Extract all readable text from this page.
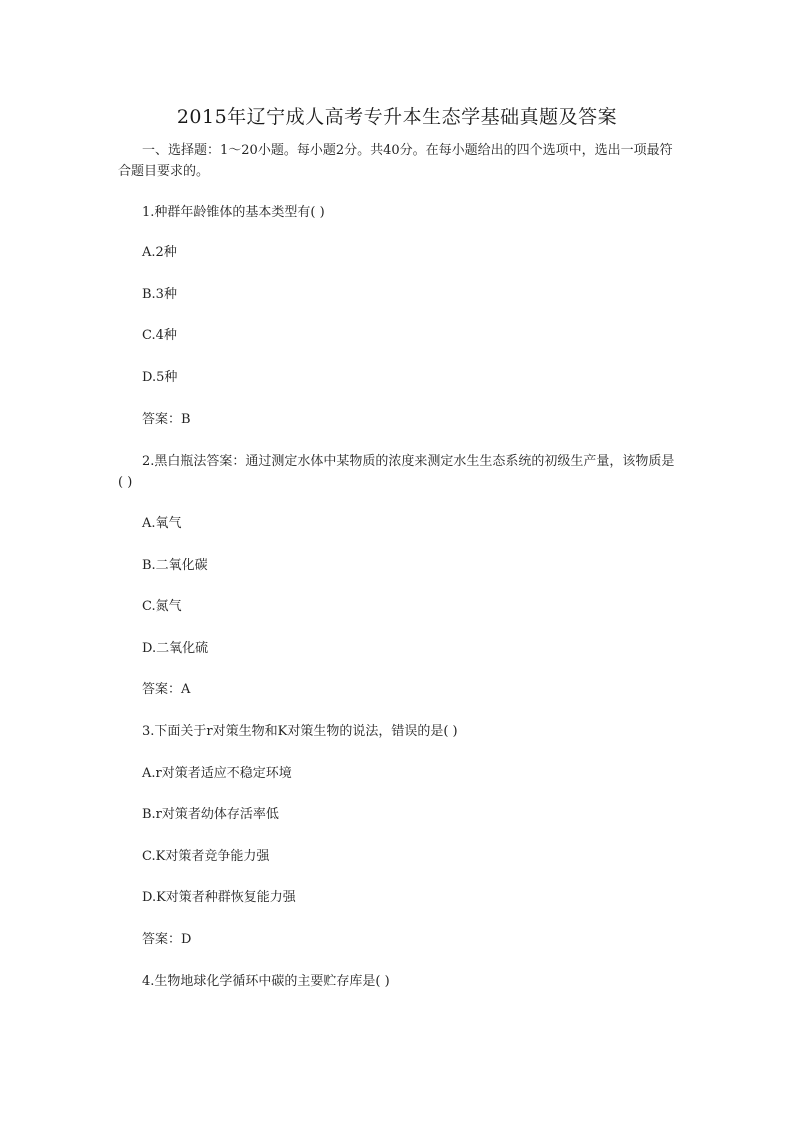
2015年辽宁成人高考专升本生态学基础真题及答案
一、选择题：1～20小题。每小题2分。共40分。在每小题给出的四个选项中，选出一项最符合题目要求的。
1.种群年龄锥体的基本类型有( )
A.2种
B.3种
C.4种
D.5种
答案：B
2.黑白瓶法答案：通过测定水体中某物质的浓度来测定水生生态系统的初级生产量，该物质是( )
A.氧气
B.二氧化碳
C.氮气
D.二氧化硫
答案：A
3.下面关于r对策生物和K对策生物的说法，错误的是( )
A.r对策者适应不稳定环境
B.r对策者幼体存活率低
C.K对策者竞争能力强
D.K对策者种群恢复能力强
答案：D
4.生物地球化学循环中碳的主要贮存库是( )
